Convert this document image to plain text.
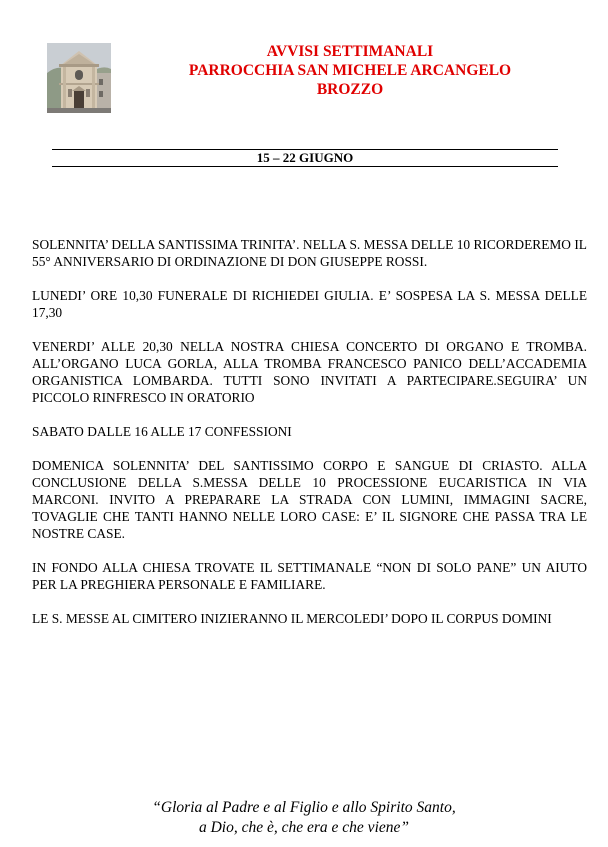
AVVISI SETTIMANALI
PARROCCHIA SAN MICHELE ARCANGELO
BROZZO
15 – 22 GIUGNO

SOLENNITA’ DELLA SANTISSIMA TRINITA’. NELLA S. MESSA DELLE 10 RICORDEREMO IL 55° ANNIVERSARIO DI ORDINAZIONE DI DON GIUSEPPE ROSSI.

LUNEDI’ ORE 10,30 FUNERALE DI RICHIEDEI GIULIA. E’ SOSPESA LA S. MESSA DELLE 17,30

VENERDI’ ALLE 20,30 NELLA NOSTRA CHIESA CONCERTO DI ORGANO E TROMBA. ALL’ORGANO LUCA GORLA, ALLA TROMBA FRANCESCO PANICO DELL’ACCADEMIA ORGANISTICA LOMBARDA. TUTTI SONO INVITATI A PARTECIPARE.SEGUIRA’ UN PICCOLO RINFRESCO IN ORATORIO

SABATO DALLE 16 ALLE 17 CONFESSIONI

DOMENICA SOLENNITA’ DEL SANTISSIMO CORPO E SANGUE DI CRIASTO. ALLA CONCLUSIONE DELLA S.MESSA DELLE 10 PROCESSIONE EUCARISTICA IN VIA MARCONI. INVITO A PREPARARE LA STRADA CON LUMINI, IMMAGINI SACRE, TOVAGLIE CHE TANTI HANNO NELLE LORO CASE: E’ IL SIGNORE CHE PASSA TRA LE NOSTRE CASE.

IN FONDO ALLA CHIESA TROVATE IL SETTIMANALE “NON DI SOLO PANE” UN AIUTO PER LA PREGHIERA PERSONALE E FAMILIARE.

LE S. MESSE AL CIMITERO INIZIERANNO IL MERCOLEDI’ DOPO IL CORPUS DOMINI

“Gloria al Padre e al Figlio e allo Spirito Santo,
a Dio, che è, che era e che viene”
